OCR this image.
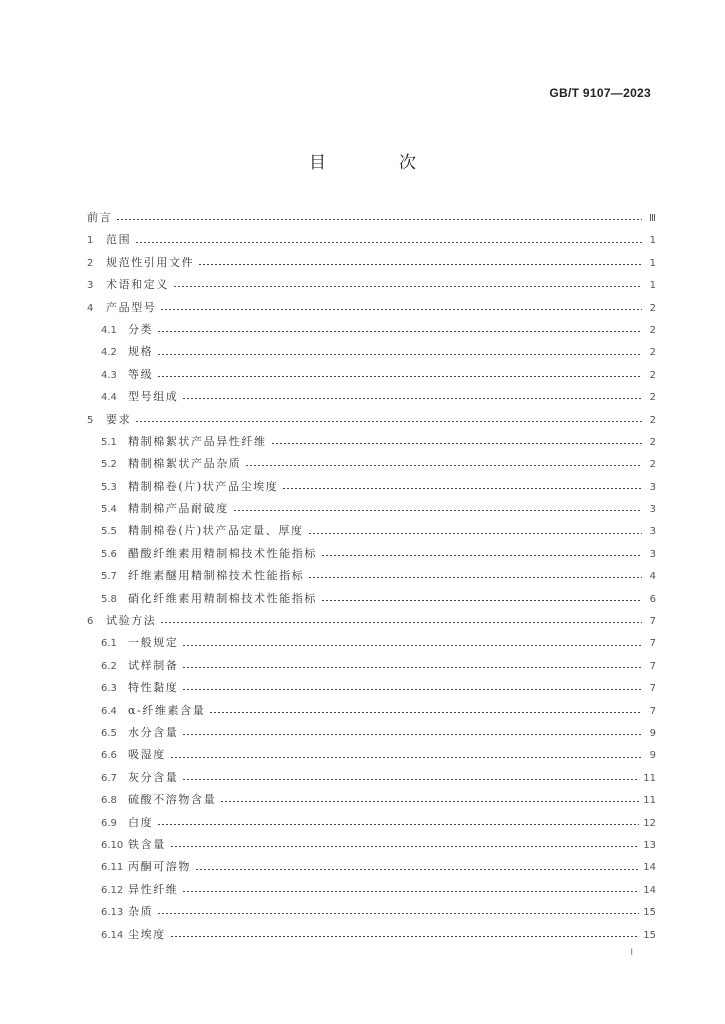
GB/T 9107—2023
目　次
前言	Ⅲ
1	范围	1
2	规范性引用文件	1
3	术语和定义	1
4	产品型号	2
4.1	分类	2
4.2	规格	2
4.3	等级	2
4.4	型号组成	2
5	要求	2
5.1	精制棉絮状产品异性纤维	2
5.2	精制棉絮状产品杂质	2
5.3	精制棉卷(片)状产品尘埃度	3
5.4	精制棉产品耐破度	3
5.5	精制棉卷(片)状产品定量、厚度	3
5.6	醋酸纤维素用精制棉技术性能指标	3
5.7	纤维素醚用精制棉技术性能指标	4
5.8	硝化纤维素用精制棉技术性能指标	6
6	试验方法	7
6.1	一般规定	7
6.2	试样制备	7
6.3	特性黏度	7
6.4	α-纤维素含量	7
6.5	水分含量	9
6.6	吸湿度	9
6.7	灰分含量	11
6.8	硫酸不溶物含量	11
6.9	白度	12
6.10 铁含量	13
6.11 丙酮可溶物	14
6.12 异性纤维	14
6.13 杂质	15
6.14 尘埃度	15
I
